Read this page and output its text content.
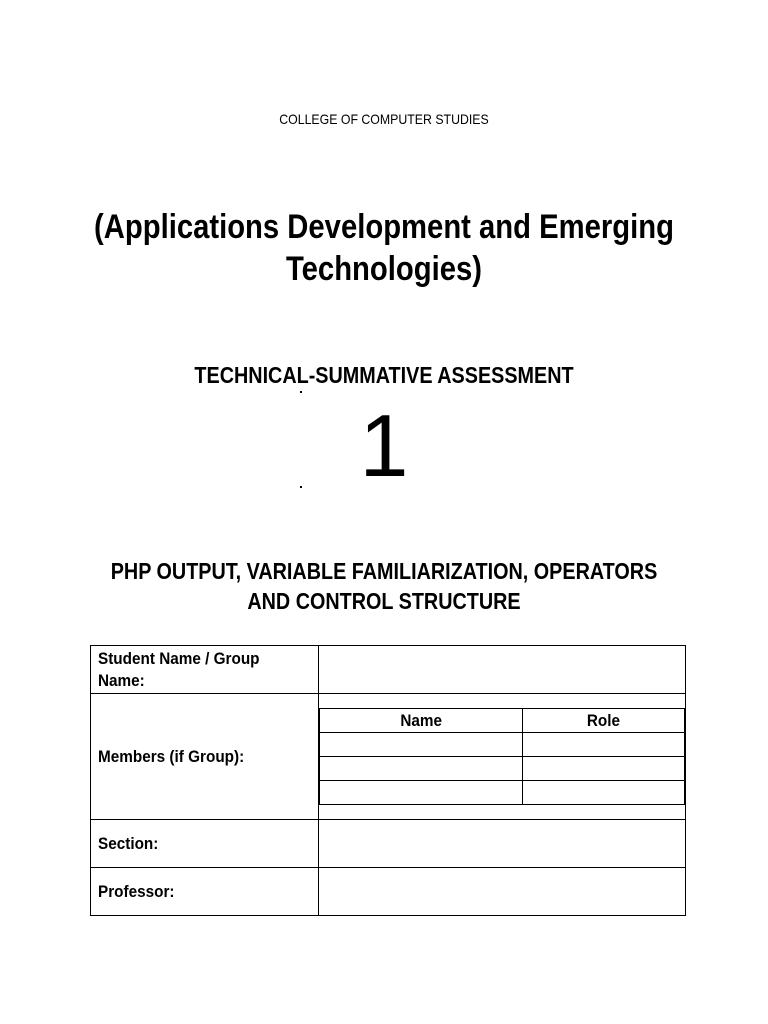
COLLEGE OF COMPUTER STUDIES
(Applications Development and Emerging Technologies)
TECHNICAL-SUMMATIVE ASSESSMENT
1
PHP OUTPUT, VARIABLE FAMILIARIZATION, OPERATORS AND CONTROL STRUCTURE
Student Name / Group Name:	
Members (if Group):	
Name	Role

Section:	
Professor:	
